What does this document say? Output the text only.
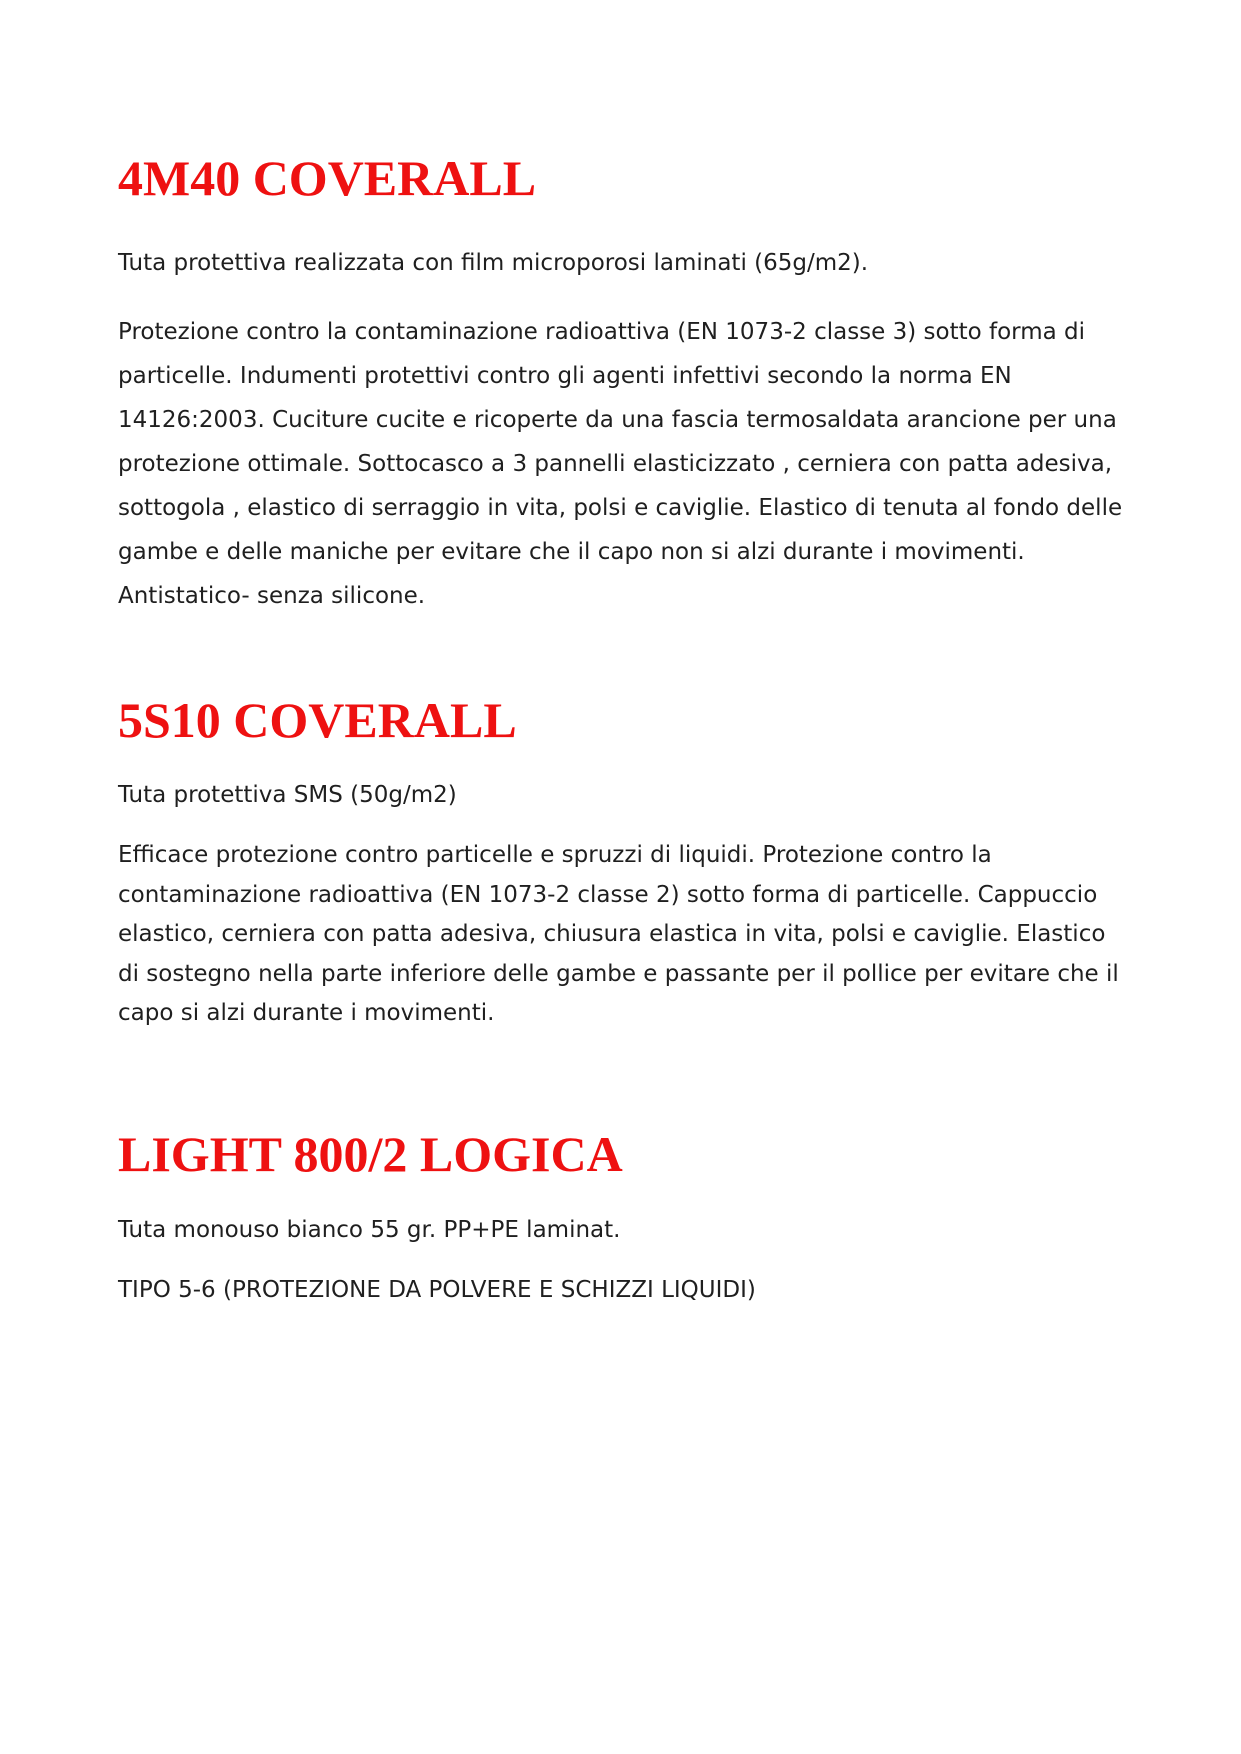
4M40 COVERALL

Tuta protettiva realizzata con film microporosi laminati (65g/m2).

Protezione contro la contaminazione radioattiva (EN 1073-2 classe 3) sotto forma di particelle. Indumenti protettivi contro gli agenti infettivi secondo la norma EN 14126:2003. Cuciture cucite e ricoperte da una fascia termosaldata arancione per una protezione ottimale. Sottocasco a 3 pannelli elasticizzato , cerniera con patta adesiva, sottogola , elastico di serraggio in vita, polsi e caviglie. Elastico di tenuta al fondo delle gambe e delle maniche per evitare che il capo non si alzi durante i movimenti. Antistatico- senza silicone.

5S10 COVERALL

Tuta protettiva SMS (50g/m2)

Efficace protezione contro particelle e spruzzi di liquidi. Protezione contro la contaminazione radioattiva (EN 1073-2 classe 2) sotto forma di particelle. Cappuccio elastico, cerniera con patta adesiva, chiusura elastica in vita, polsi e caviglie. Elastico di sostegno nella parte inferiore delle gambe e passante per il pollice per evitare che il capo si alzi durante i movimenti.

LIGHT 800/2 LOGICA

Tuta monouso bianco 55 gr. PP+PE laminat.

TIPO 5-6 (PROTEZIONE DA POLVERE E SCHIZZI LIQUIDI)
